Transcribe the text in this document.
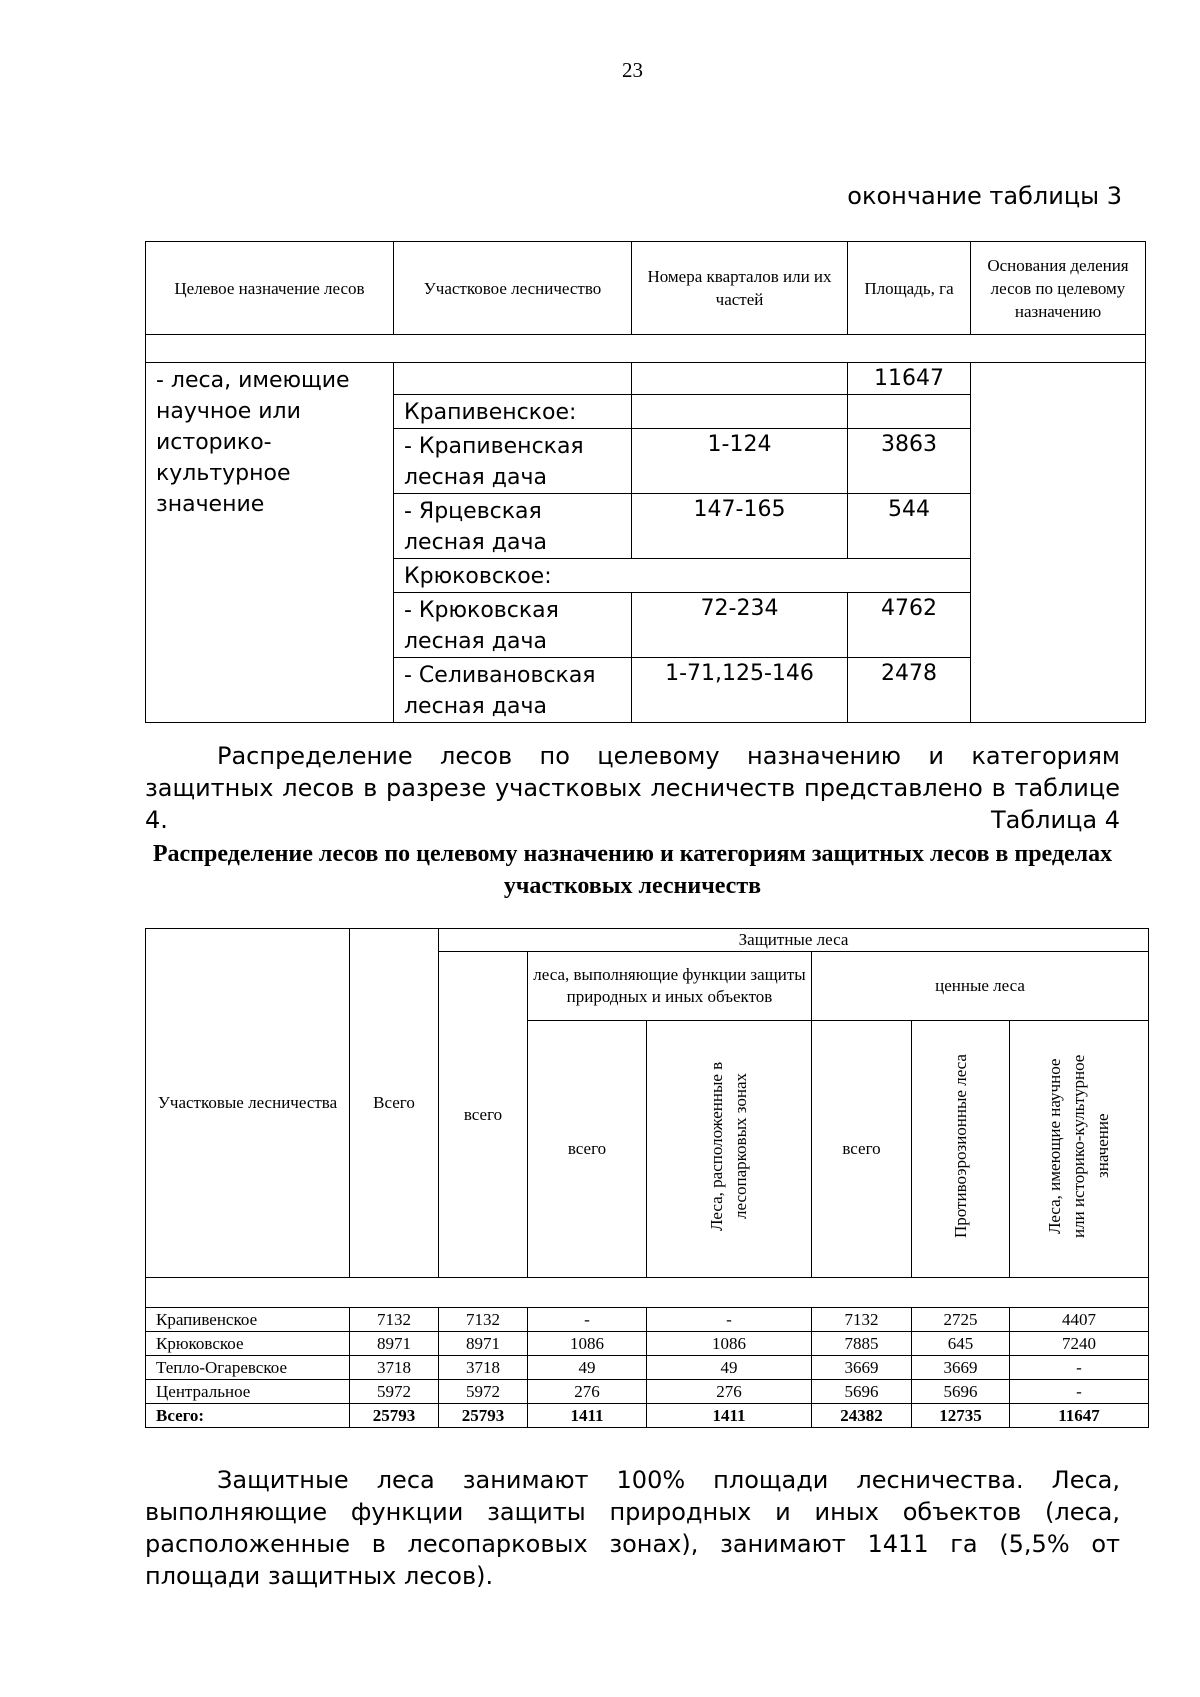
23
окончание таблицы 3
Целевое назначение лесов	Участковое лесничество	Номера кварталов или их частей	Площадь, га	Основания деления лесов по целевому назначению

- леса, имеющие научное или историко-культурное значение			11647	

	Крапивенское:			

	- Крапивенская лесная дача	1-124	3863	

	- Ярцевская лесная дача	147-165	544	

	Крюковское:			

	- Крюковская лесная дача	72-234	4762	

	- Селивановская лесная дача	1-71,125-146	2478	
Распределение лесов по целевому назначению и категориям защитных лесов в разрезе участковых лесничеств представлено в таблице 4.	Таблица 4
Распределение лесов по целевому назначению и категориям защитных лесов в пределах участковых лесничеств
Участковые лесничества	Всего	Защитные леса					
		всего	леса, выполняющие функции защиты природных и иных объектов		ценные леса		
			всего	Леса, расположенные в лесопарковых зонах	всего	Противоэрозионные леса	Леса, имеющие научное или историко-культурное значение

Крапивенское	7132	7132	-	-	7132	2725	4407
Крюковское	8971	8971	1086	1086	7885	645	7240
Тепло-Огаревское	3718	3718	49	49	3669	3669	-
Центральное	5972	5972	276	276	5696	5696	-
Всего:	25793	25793	1411	1411	24382	12735	11647
Защитные леса занимают 100% площади лесничества. Леса, выполняющие функции защиты природных и иных объектов (леса, расположенные в лесопарковых зонах), занимают 1411 га (5,5% от площади защитных лесов).
